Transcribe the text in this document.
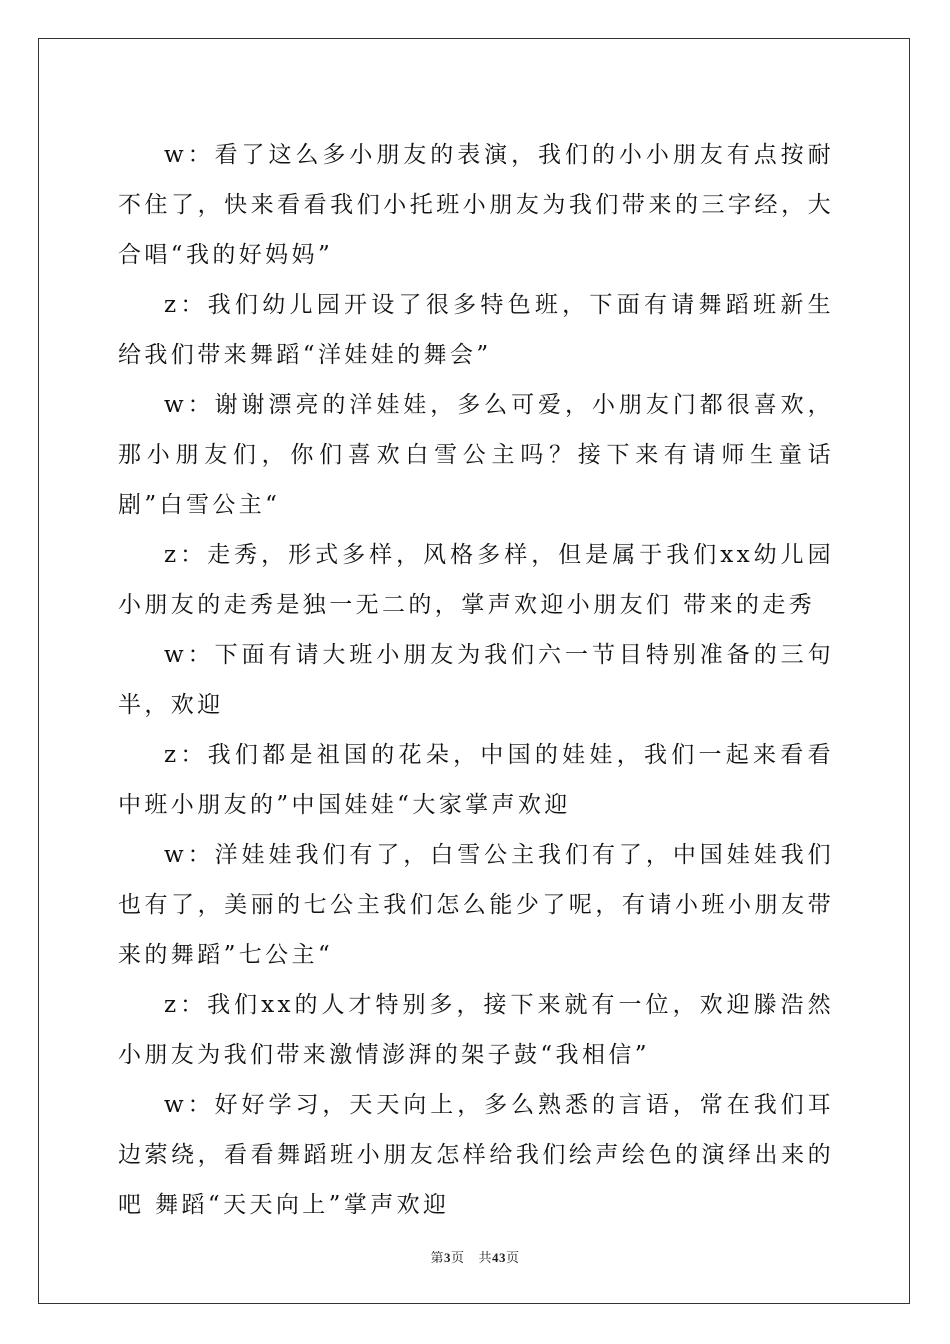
w：看了这么多小朋友的表演，我们的小小朋友有点按耐不住了，快来看看我们小托班小朋友为我们带来的三字经，大合唱“我的好妈妈”

z：我们幼儿园开设了很多特色班，下面有请舞蹈班新生给我们带来舞蹈“洋娃娃的舞会”

w：谢谢漂亮的洋娃娃，多么可爱，小朋友门都很喜欢，那小朋友们，你们喜欢白雪公主吗？接下来有请师生童话剧”白雪公主“

z：走秀，形式多样，风格多样，但是属于我们xx幼儿园小朋友的走秀是独一无二的，掌声欢迎小朋友们 带来的走秀

w：下面有请大班小朋友为我们六一节目特别准备的三句半，欢迎

z：我们都是祖国的花朵，中国的娃娃，我们一起来看看中班小朋友的”中国娃娃“大家掌声欢迎

w：洋娃娃我们有了，白雪公主我们有了，中国娃娃我们也有了，美丽的七公主我们怎么能少了呢，有请小班小朋友带来的舞蹈”七公主“

z：我们xx的人才特别多，接下来就有一位，欢迎滕浩然小朋友为我们带来激情澎湃的架子鼓“我相信”

w：好好学习，天天向上，多么熟悉的言语，常在我们耳边萦绕，看看舞蹈班小朋友怎样给我们绘声绘色的演绎出来的吧 舞蹈“天天向上”掌声欢迎

第3页 共43页
